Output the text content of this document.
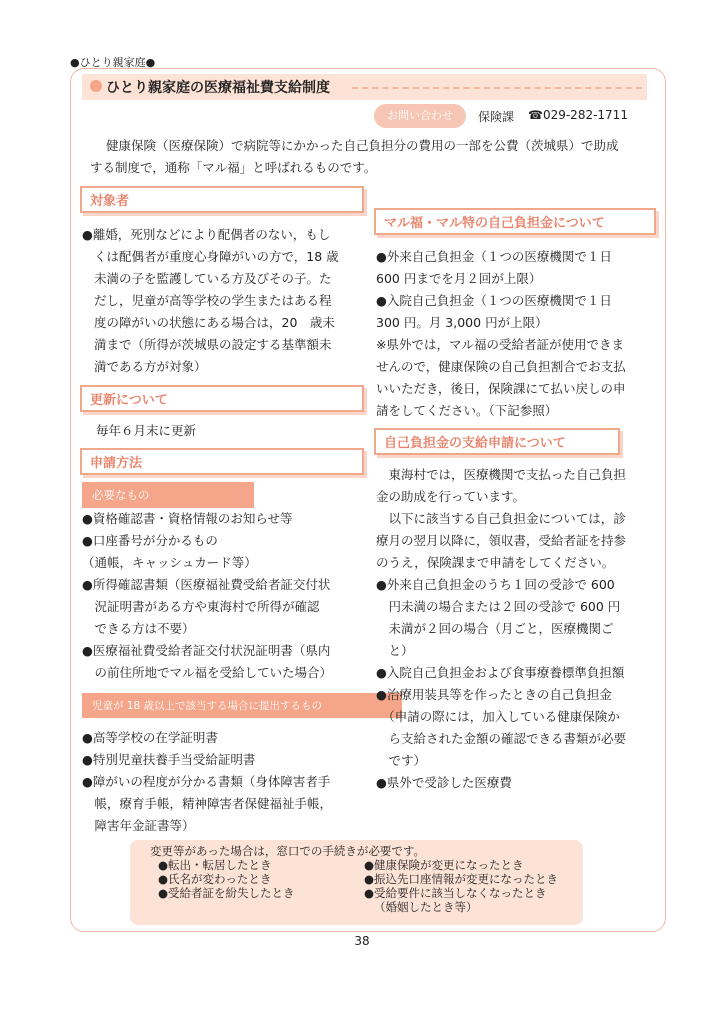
●ひとり親家庭●
ひとり親家庭の医療福祉費支給制度
お問い合わせ	保険課 ☎029-282-1711
健康保険（医療保険）で病院等にかかった自己負担分の費用の一部を公費（茨城県）で助成
する制度で，通称「マル福」と呼ばれるものです。
対象者
●離婚，死別などにより配偶者のない，もし
くは配偶者が重度心身障がいの方で，18 歳
未満の子を監護している方及びその子。た
だし，児童が高等学校の学生またはある程
度の障がいの状態にある場合は，20　歳未
満まで（所得が茨城県の設定する基準額未
満である方が対象）
更新について
毎年６月末に更新
申請方法
必要なもの
●資格確認書・資格情報のお知らせ等
●口座番号が分かるもの
（通帳，キャッシュカード等）
●所得確認書類（医療福祉費受給者証交付状
　況証明書がある方や東海村で所得が確認
　できる方は不要）
●医療福祉費受給者証交付状況証明書（県内
　の前住所地でマル福を受給していた場合）
児童が 18 歳以上で該当する場合に提出するもの
●高等学校の在学証明書
●特別児童扶養手当受給証明書
●障がいの程度が分かる書類（身体障害者手
　帳，療育手帳，精神障害者保健福祉手帳，
　障害年金証書等）
マル福・マル特の自己負担金について
●外来自己負担金（１つの医療機関で１日
600 円までを月２回が上限）
●入院自己負担金（１つの医療機関で１日
300 円。月 3,000 円が上限）
※県外では，マル福の受給者証が使用できま
せんので，健康保険の自己負担割合でお支払
いいただき，後日，保険課にて払い戻しの申
請をしてください。（下記参照）
自己負担金の支給申請について
　東海村では，医療機関で支払った自己負担
金の助成を行っています。
　以下に該当する自己負担金については，診
療月の翌月以降に，領収書，受給者証を持参
のうえ，保険課まで申請をしてください。
●外来自己負担金のうち１回の受診で 600
　円未満の場合または２回の受診で 600 円
　未満が２回の場合（月ごと，医療機関ご
　と）
●入院自己負担金および食事療養標準負担額
●治療用装具等を作ったときの自己負担金
　（申請の際には，加入している健康保険か
　ら支給された金額の確認できる書類が必要
　です）
●県外で受診した医療費
変更等があった場合は，窓口での手続きが必要です。
●転出・転居したとき
●氏名が変わったとき
●受給者証を紛失したとき
●健康保険が変更になったとき
●振込先口座情報が変更になったとき
●受給要件に該当しなくなったとき
（婚姻したとき等）
38
